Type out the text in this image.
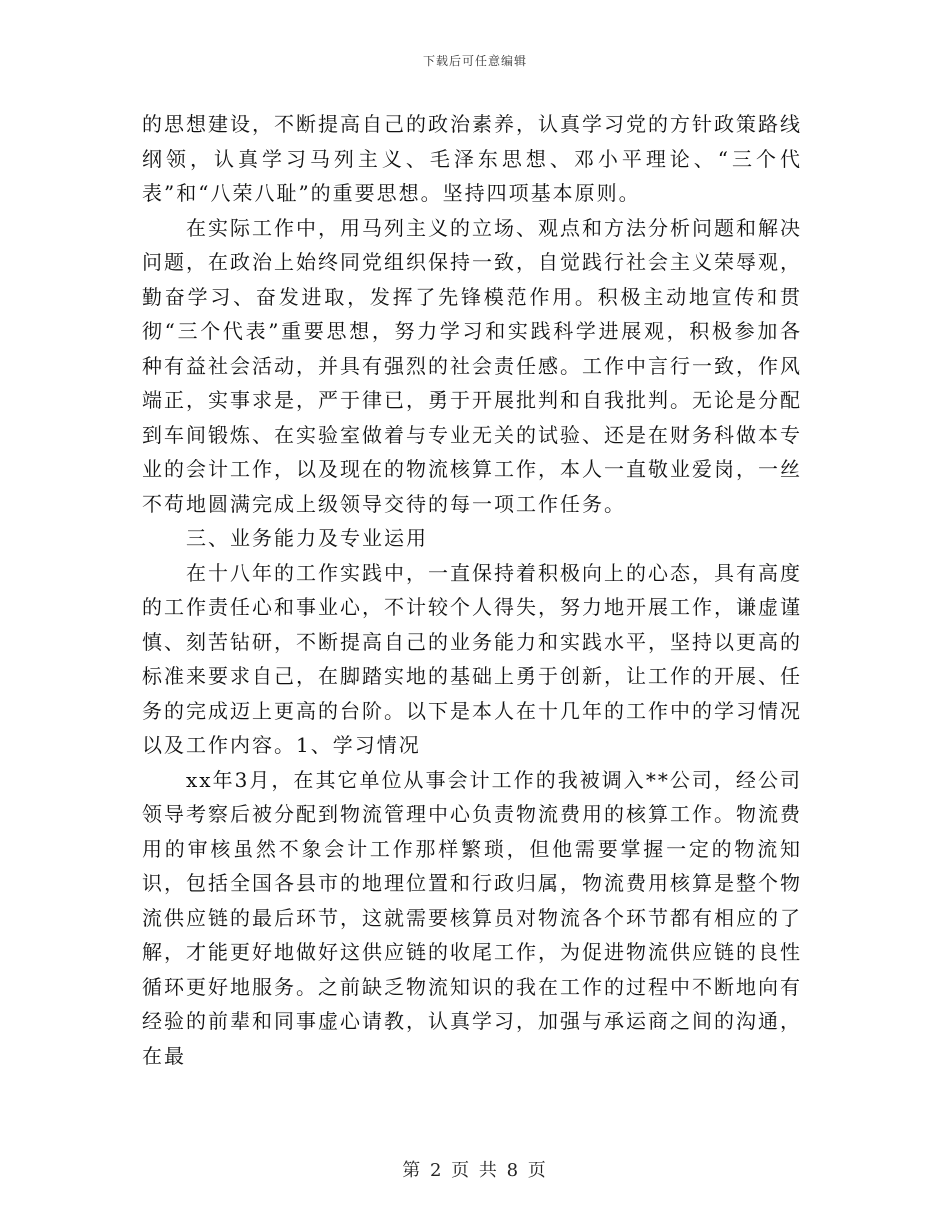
下载后可任意编辑

的思想建设，不断提高自己的政治素养，认真学习党的方针政策路线纲领，认真学习马列主义、毛泽东思想、邓小平理论、“三个代表”和“八荣八耻”的重要思想。坚持四项基本原则。

在实际工作中，用马列主义的立场、观点和方法分析问题和解决问题，在政治上始终同党组织保持一致，自觉践行社会主义荣辱观，勤奋学习、奋发进取，发挥了先锋模范作用。积极主动地宣传和贯彻“三个代表”重要思想，努力学习和实践科学进展观，积极参加各种有益社会活动，并具有强烈的社会责任感。工作中言行一致，作风端正，实事求是，严于律已，勇于开展批判和自我批判。无论是分配到车间锻炼、在实验室做着与专业无关的试验、还是在财务科做本专业的会计工作，以及现在的物流核算工作，本人一直敬业爱岗，一丝不苟地圆满完成上级领导交待的每一项工作任务。

三、业务能力及专业运用

在十八年的工作实践中，一直保持着积极向上的心态，具有高度的工作责任心和事业心，不计较个人得失，努力地开展工作，谦虚谨慎、刻苦钻研，不断提高自己的业务能力和实践水平，坚持以更高的标准来要求自己，在脚踏实地的基础上勇于创新，让工作的开展、任务的完成迈上更高的台阶。以下是本人在十几年的工作中的学习情况以及工作内容。1、学习情况

xx年3月，在其它单位从事会计工作的我被调入**公司，经公司领导考察后被分配到物流管理中心负责物流费用的核算工作。物流费用的审核虽然不象会计工作那样繁琐，但他需要掌握一定的物流知识，包括全国各县市的地理位置和行政归属，物流费用核算是整个物流供应链的最后环节，这就需要核算员对物流各个环节都有相应的了解，才能更好地做好这供应链的收尾工作，为促进物流供应链的良性循环更好地服务。之前缺乏物流知识的我在工作的过程中不断地向有经验的前辈和同事虚心请教，认真学习，加强与承运商之间的沟通，在最

第 2 页 共 8 页
